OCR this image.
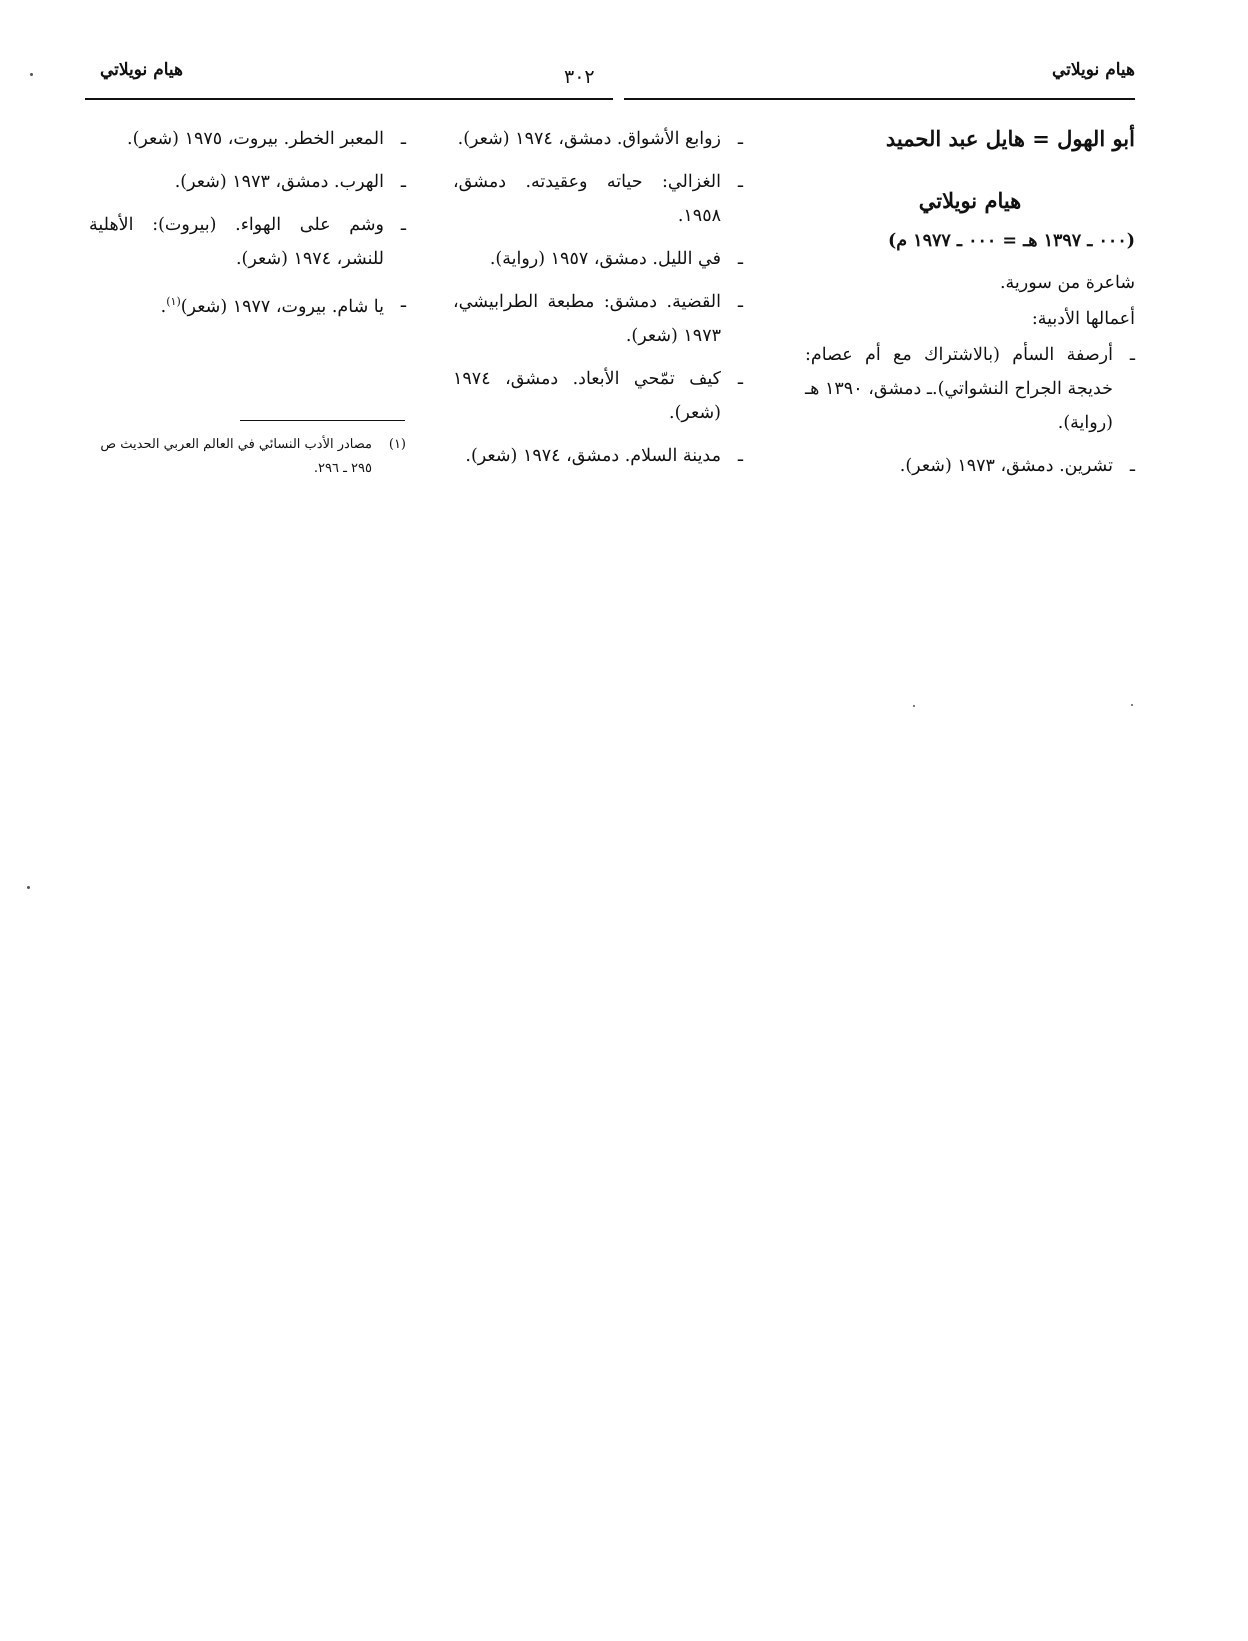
هيام نويلاتي
٣٠٢
هيام نويلاتي
أبو الهول = هايل عبد الحميد
هيام نويلاتي
(٠٠٠ ـ ١٣٩٧ هـ = ٠٠٠ ـ ١٩٧٧ م)
شاعرة من سورية.
أعمالها الأدبية:
ـ
أرصفة السأم (بالاشتراك مع أم عصام: خديجة الجراح النشواتي).ـ دمشق، ١٣٩٠ هـ (رواية).
ـ
تشرين. دمشق، ١٩٧٣ (شعر).
ـ
زوابع الأشواق. دمشق، ١٩٧٤ (شعر).
ـ
الغزالي: حياته وعقيدته. دمشق، ١٩٥٨.
ـ
في الليل. دمشق، ١٩٥٧ (رواية).
ـ
القضية. دمشق: مطبعة الطرابيشي، ١٩٧٣ (شعر).
ـ
كيف تمّحي الأبعاد. دمشق، ١٩٧٤ (شعر).
ـ
مدينة السلام. دمشق، ١٩٧٤ (شعر).
ـ
المعبر الخطر. بيروت، ١٩٧٥ (شعر).
ـ
الهرب. دمشق، ١٩٧٣ (شعر).
ـ
وشم على الهواء. (بيروت): الأهلية للنشر، ١٩٧٤ (شعر).
ـ
يا شام. بيروت، ١٩٧٧ (شعر)$^{(١)}$.
(١)
مصادر الأدب النسائي في العالم العربي الحديث ص ٢٩٥ ـ ٢٩٦.
